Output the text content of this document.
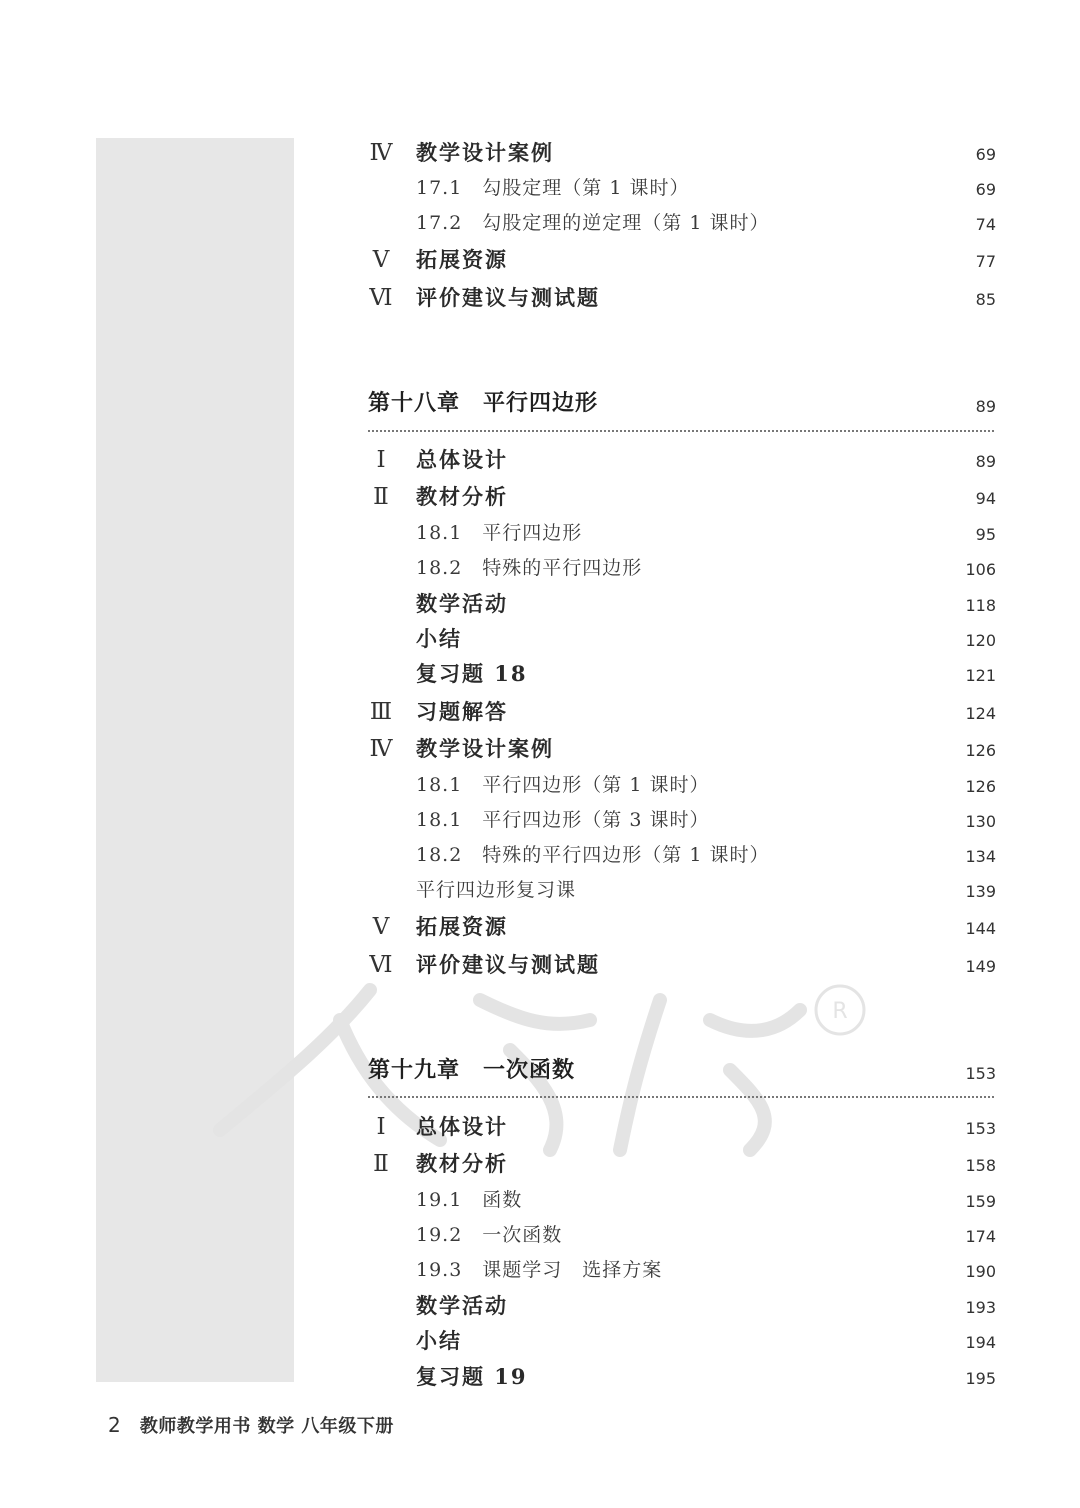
R
Ⅳ 教学设计案例	69
17.1　勾股定理（第 1 课时）	69
17.2　勾股定理的逆定理（第 1 课时）	74
Ⅴ 拓展资源	77
Ⅵ 评价建议与测试题	85
第十八章　平行四边形	89
Ⅰ	总体设计	89
Ⅱ 教材分析	94
18.1　平行四边形	95
18.2　特殊的平行四边形	106
数学活动	118
小结	120
复习题 18	121
Ⅲ 习题解答	124
Ⅳ 教学设计案例	126
18.1　平行四边形（第 1 课时）	126
18.1　平行四边形（第 3 课时）	130
18.2　特殊的平行四边形（第 1 课时）	134
平行四边形复习课	139
Ⅴ 拓展资源	144
Ⅵ 评价建议与测试题	149
第十九章　一次函数	153
Ⅰ	总体设计	153
Ⅱ 教材分析	158
19.1　函数	159
19.2　一次函数	174
19.3　课题学习　选择方案	190
数学活动	193
小结	194
复习题 19	195
2 教师教学用书 数学 八年级下册
